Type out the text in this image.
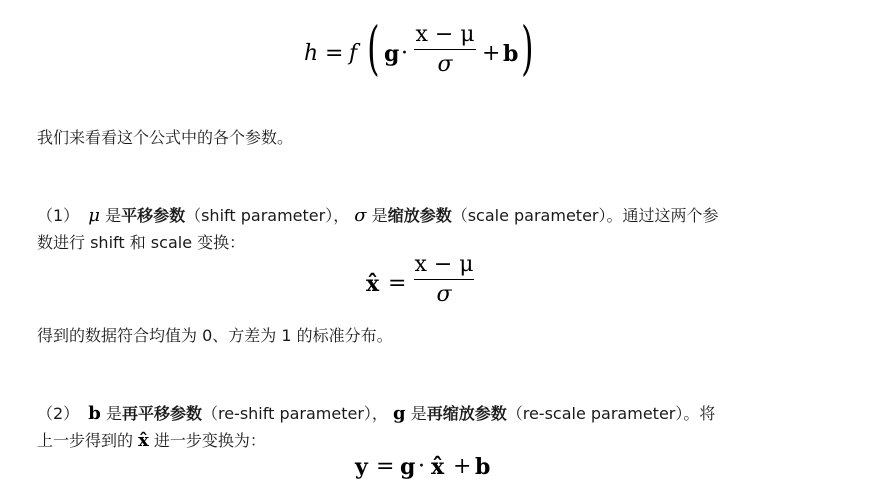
h = f ( $g \cdot \frac{x - \mu}{\sigma} + b$ )
我们来看看这个公式中的各个参数。
（1） μ 是平移参数（shift parameter）， σ 是缩放参数（scale parameter）。通过这两个参
数进行 shift 和 scale 变换：
x̂ = $\frac{x - \mu}{\sigma}$
得到的数据符合均值为 0、方差为 1 的标准分布。
（2） b 是再平移参数（re-shift parameter）， g 是再缩放参数（re-scale parameter）。将
上一步得到的 x̂ 进一步变换为：
y = g · x̂ + b
